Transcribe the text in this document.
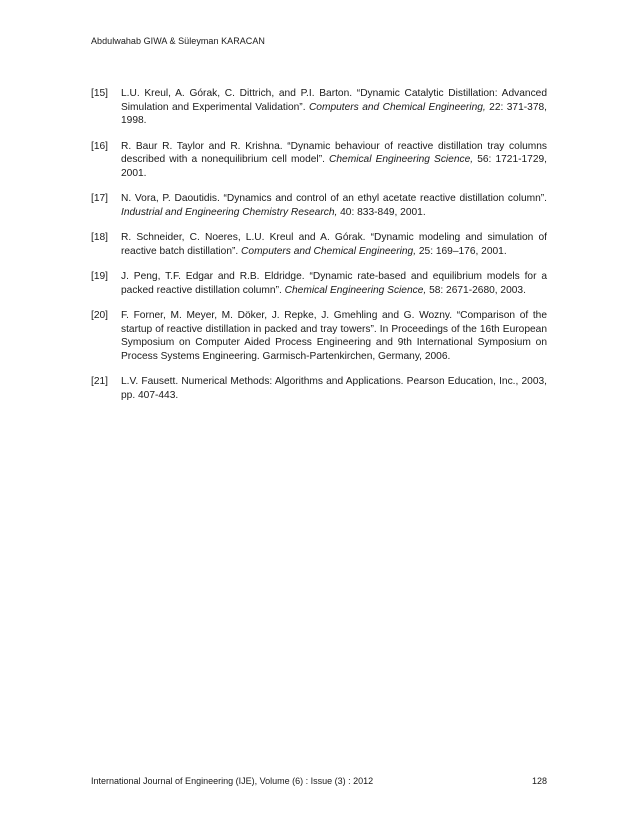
Abdulwahab GIWA & Süleyman KARACAN
[15]	L.U. Kreul, A. Górak, C. Dittrich, and P.I. Barton. “Dynamic Catalytic Distillation: Advanced Simulation and Experimental Validation”. Computers and Chemical Engineering, 22: 371-378, 1998.
[16]	R. Baur R. Taylor and R. Krishna. “Dynamic behaviour of reactive distillation tray columns described with a nonequilibrium cell model”. Chemical Engineering Science, 56: 1721-1729, 2001.
[17]	N. Vora, P. Daoutidis. “Dynamics and control of an ethyl acetate reactive distillation column”. Industrial and Engineering Chemistry Research, 40: 833-849, 2001.
[18]	R. Schneider, C. Noeres, L.U. Kreul and A. Górak. “Dynamic modeling and simulation of reactive batch distillation”. Computers and Chemical Engineering, 25: 169–176, 2001.
[19]	J. Peng, T.F. Edgar and R.B. Eldridge. “Dynamic rate-based and equilibrium models for a packed reactive distillation column”. Chemical Engineering Science, 58: 2671-2680, 2003.
[20]	F. Forner, M. Meyer, M. Döker, J. Repke, J. Gmehling and G. Wozny. “Comparison of the startup of reactive distillation in packed and tray towers”. In Proceedings of the 16th European Symposium on Computer Aided Process Engineering and 9th International Symposium on Process Systems Engineering. Garmisch-Partenkirchen, Germany, 2006.
[21]	L.V. Fausett. Numerical Methods: Algorithms and Applications. Pearson Education, Inc., 2003, pp. 407-443.
International Journal of Engineering (IJE), Volume (6) : Issue (3) : 2012	128
